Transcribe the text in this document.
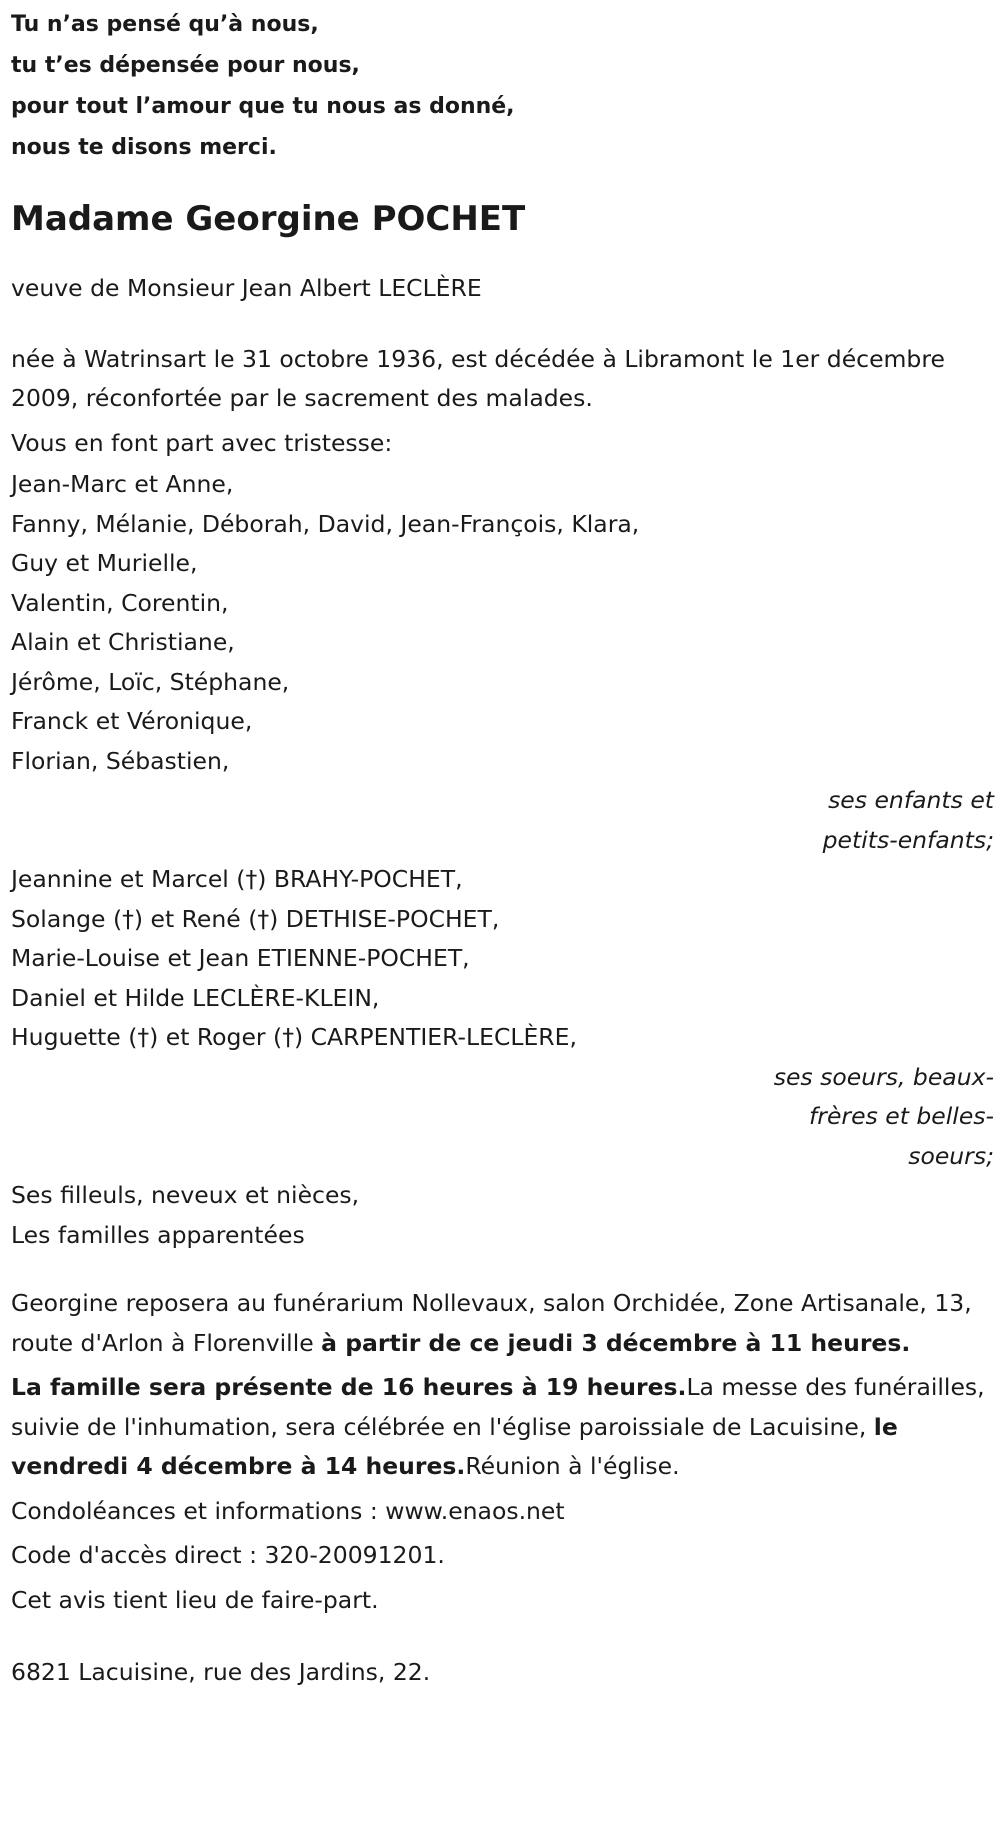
Tu n’as pensé qu’à nous,
tu t’es dépensée pour nous,
pour tout l’amour que tu nous as donné,
nous te disons merci.
Madame Georgine POCHET

veuve de Monsieur Jean Albert LECLÈRE

née à Watrinsart le 31 octobre 1936, est décédée à Libramont le 1er décembre 2009, réconfortée par le sacrement des malades.

Vous en font part avec tristesse:

Jean-Marc et Anne,
Fanny, Mélanie, Déborah, David, Jean-François, Klara,
Guy et Murielle,
Valentin, Corentin,
Alain et Christiane,
Jérôme, Loïc, Stéphane,
Franck et Véronique,
Florian, Sébastien,
ses enfants et petits-enfants;
Jeannine et Marcel (†) BRAHY-POCHET,
Solange (†) et René (†) DETHISE-POCHET,
Marie-Louise et Jean ETIENNE-POCHET,
Daniel et Hilde LECLÈRE-KLEIN,
Huguette (†) et Roger (†) CARPENTIER-LECLÈRE,
ses soeurs, beaux-frères et belles-soeurs;
Ses filleuls, neveux et nièces,
Les familles apparentées

Georgine reposera au funérarium Nollevaux, salon Orchidée, Zone Artisanale, 13, route d'Arlon à Florenville à partir de ce jeudi 3 décembre à 11 heures.

La famille sera présente de 16 heures à 19 heures.La messe des funérailles, suivie de l'inhumation, sera célébrée en l'église paroissiale de Lacuisine, le vendredi 4 décembre à 14 heures.Réunion à l'église.

Condoléances et informations : www.enaos.net

Code d'accès direct : 320-20091201.

Cet avis tient lieu de faire-part.

6821 Lacuisine, rue des Jardins, 22.
